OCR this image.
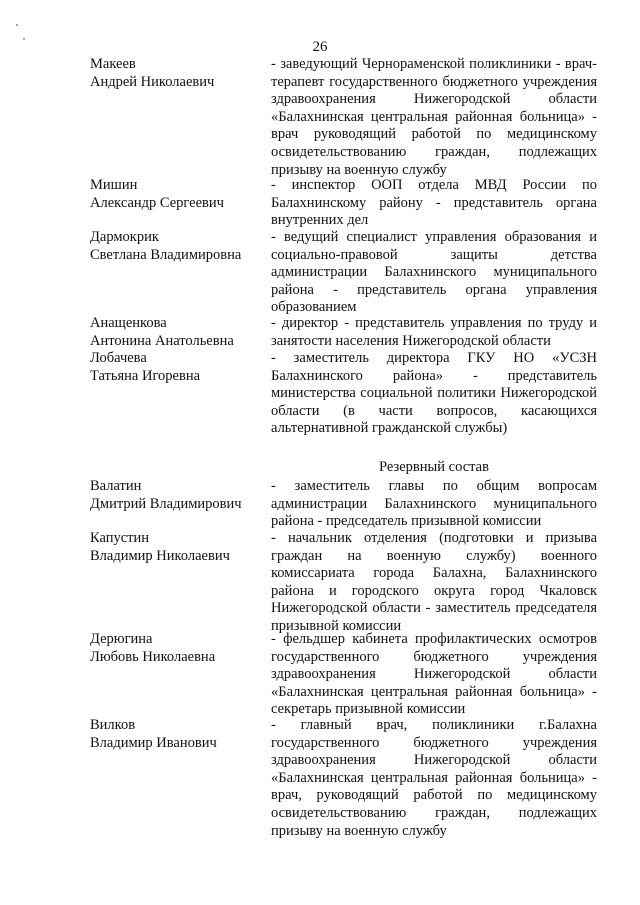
26
Макеев
Андрей Николаевич
- заведующий Чернораменской поликлиники - врач-терапевт государственного бюджетного учреждения здравоохранения Нижегородской области «Балахнинская центральная районная больница» - врач руководящий работой по медицинскому освидетельствованию граждан, подлежащих призыву на военную службу
Мишин
Александр Сергеевич
- инспектор ООП отдела МВД России по Балахнинскому району - представитель органа внутренних дел
Дармокрик
Светлана Владимировна
- ведущий специалист управления образования и социально-правовой защиты детства администрации Балахнинского муниципального района - представитель органа управления образованием
Анащенкова
Антонина Анатольевна
- директор - представитель управления по труду и занятости населения Нижегородской области
Лобачева
Татьяна Игоревна
- заместитель директора ГКУ НО «УСЗН Балахнинского района» - представитель министерства социальной политики Нижегородской области (в части вопросов, касающихся альтернативной гражданской службы)
Резервный состав
Валатин
Дмитрий Владимирович
- заместитель главы по общим вопросам администрации Балахнинского муниципального района - председатель призывной комиссии
Капустин
Владимир Николаевич
- начальник отделения (подготовки и призыва граждан на военную службу) военного комиссариата города Балахна, Балахнинского района и городского округа город Чкаловск Нижегородской области - заместитель председателя призывной комиссии
Дерюгина
Любовь Николаевна
- фельдшер кабинета профилактических осмотров государственного бюджетного учреждения здравоохранения Нижегородской области «Балахнинская центральная районная больница» - секретарь призывной комиссии
Вилков
Владимир Иванович
- главный врач, поликлиники г.Балахна государственного бюджетного учреждения здравоохранения Нижегородской области «Балахнинская центральная районная больница» - врач, руководящий работой по медицинскому освидетельствованию граждан, подлежащих призыву на военную службу
